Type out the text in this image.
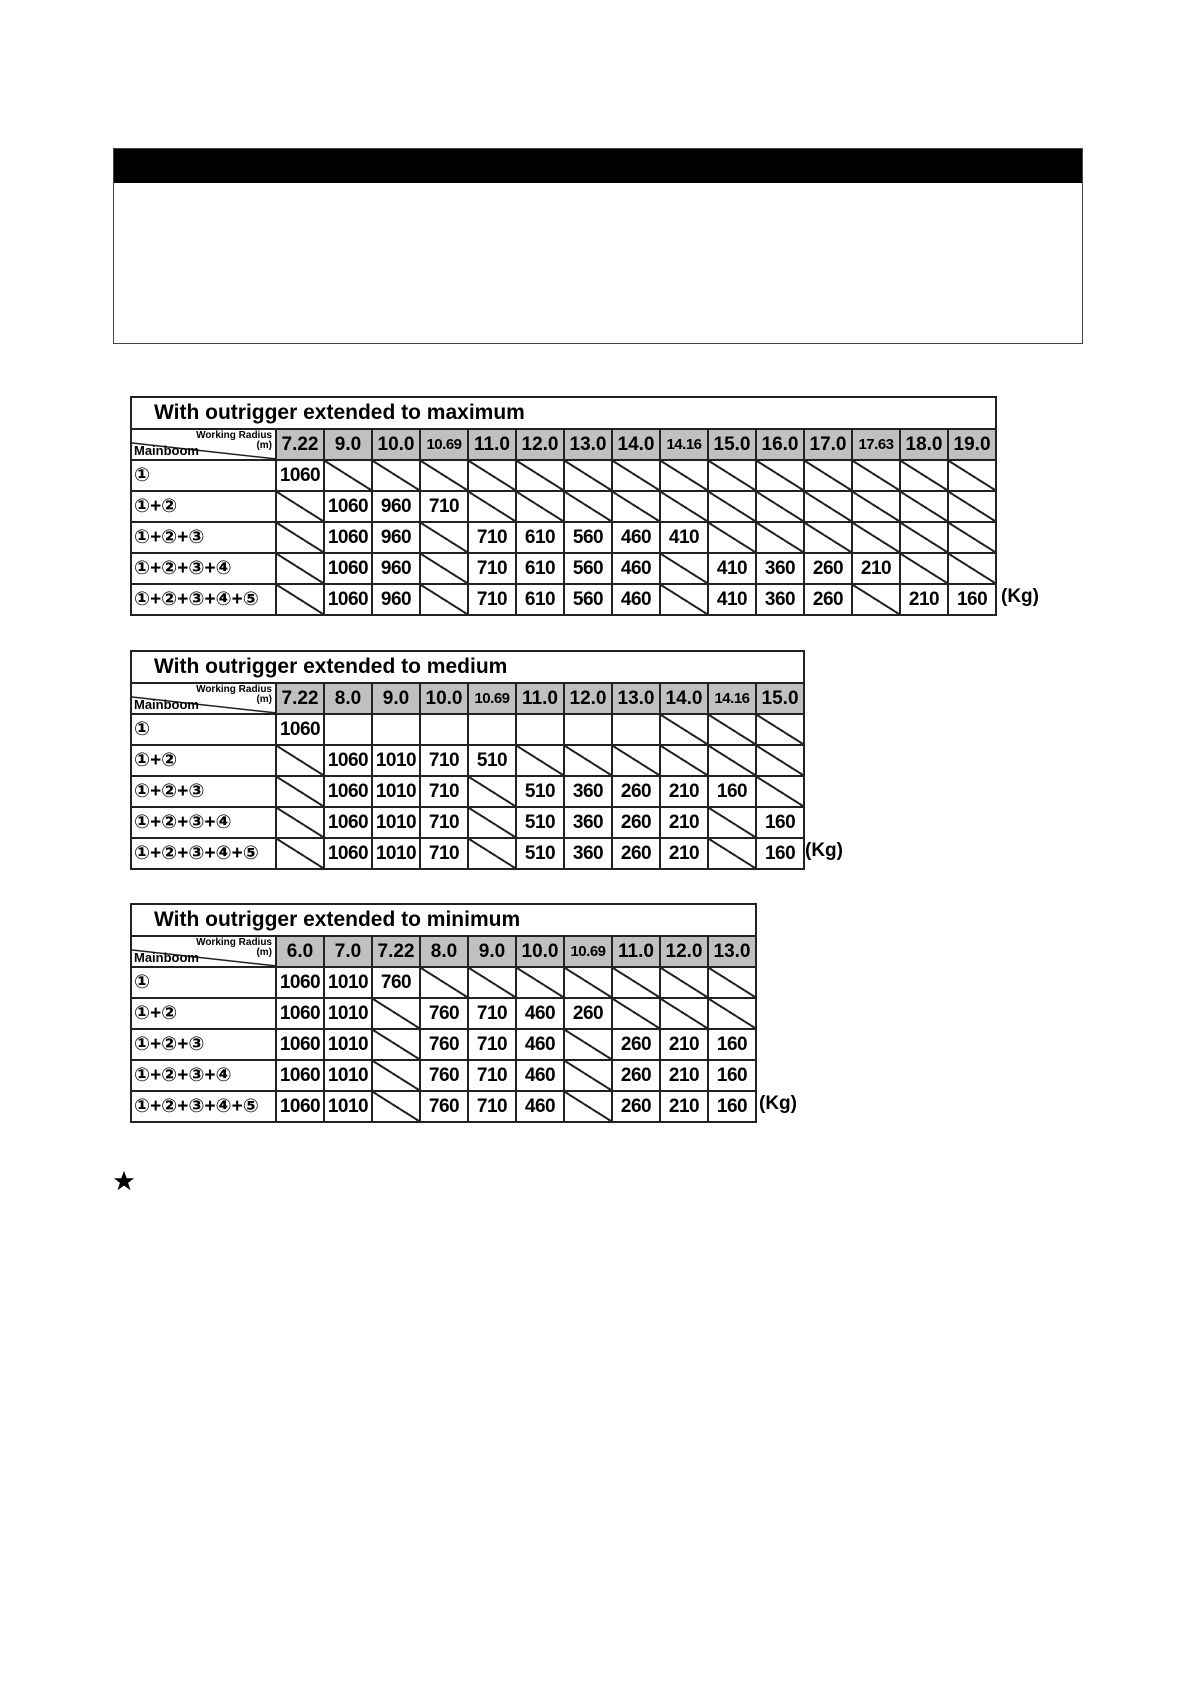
With outrigger extended to maximum															

Working Radius
(m)
Mainboom	7.22	9.0	10.0	10.69	11.0	12.0	13.0	14.0	14.16	15.0	16.0	17.0	17.63	18.0	19.0
①	1060														
①+②		1060	960	710											
①+②+③		1060	960		710	610	560	460	410						
①+②+③+④		1060	960		710	610	560	460		410	360	260	210		
①+②+③+④+⑤		1060	960		710	610	560	460		410	360	260		210	160 (Kg)
With outrigger extended to medium											

Working Radius
(m)
Mainboom	7.22	8.0	9.0	10.0	10.69	11.0	12.0	13.0	14.0	14.16	15.0
①	1060										
①+②		1060	1010	710	510						
①+②+③		1060	1010	710		510	360	260	210	160	
①+②+③+④		1060	1010	710		510	360	260	210		160
①+②+③+④+⑤		1060	1010	710		510	360	260	210		160 (Kg)
With outrigger extended to minimum										

Working Radius
(m)
Mainboom	6.0	7.0	7.22	8.0	9.0	10.0	10.69	11.0	12.0	13.0
①	1060	1010	760							
①+②	1060	1010		760	710	460	260			
①+②+③	1060	1010		760	710	460		260	210	160
①+②+③+④	1060	1010		760	710	460		260	210	160
①+②+③+④+⑤	1060	1010		760	710	460		260	210	160 (Kg)
